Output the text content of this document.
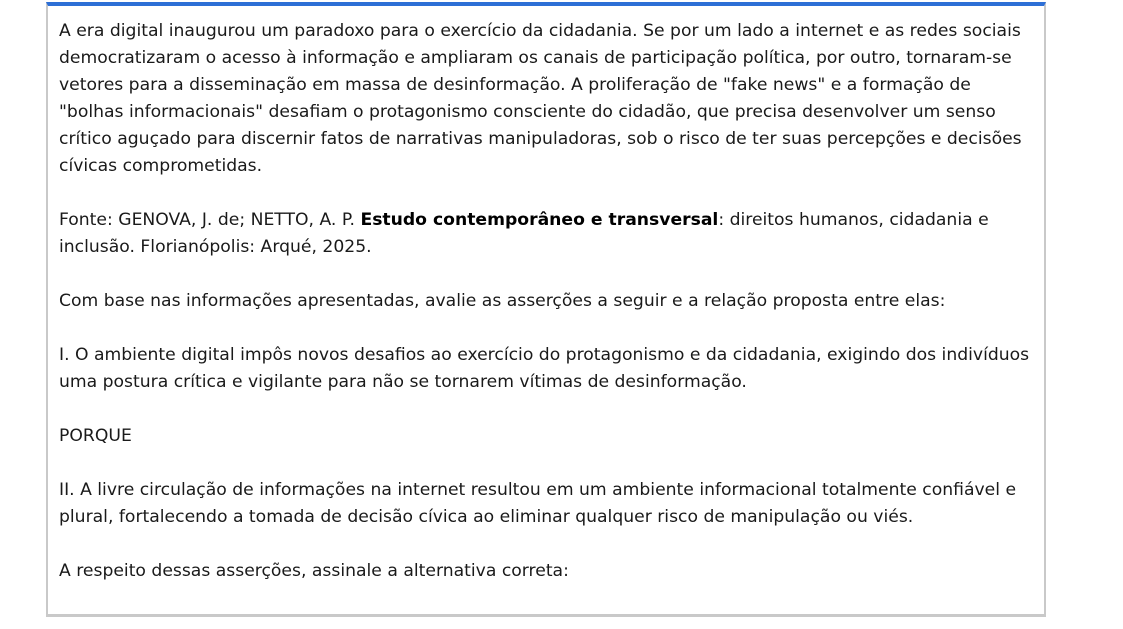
A era digital inaugurou um paradoxo para o exercício da cidadania. Se por um lado a internet e as redes sociais democratizaram o acesso à informação e ampliaram os canais de participação política, por outro, tornaram-se vetores para a disseminação em massa de desinformação. A proliferação de "fake news" e a formação de "bolhas informacionais" desafiam o protagonismo consciente do cidadão, que precisa desenvolver um senso crítico aguçado para discernir fatos de narrativas manipuladoras, sob o risco de ter suas percepções e decisões cívicas comprometidas.

Fonte: GENOVA, J. de; NETTO, A. P. Estudo contemporâneo e transversal: direitos humanos, cidadania e inclusão. Florianópolis: Arqué, 2025.

Com base nas informações apresentadas, avalie as asserções a seguir e a relação proposta entre elas:

I. O ambiente digital impôs novos desafios ao exercício do protagonismo e da cidadania, exigindo dos indivíduos uma postura crítica e vigilante para não se tornarem vítimas de desinformação.

PORQUE

II. A livre circulação de informações na internet resultou em um ambiente informacional totalmente confiável e plural, fortalecendo a tomada de decisão cívica ao eliminar qualquer risco de manipulação ou viés.

A respeito dessas asserções, assinale a alternativa correta:
